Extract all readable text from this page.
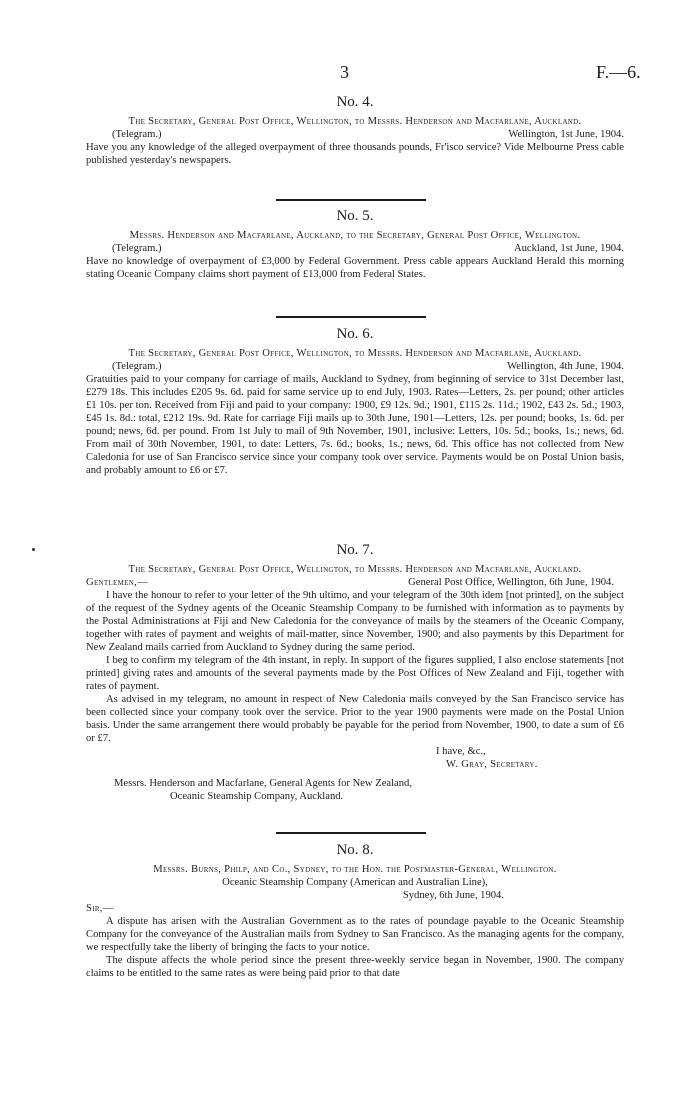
3	F.—6.

No. 4.

The Secretary, General Post Office, Wellington, to Messrs. Henderson and Macfarlane, Auckland.

(Telegram.)	Wellington, 1st June, 1904.

Have you any knowledge of the alleged overpayment of three thousands pounds, Fr'isco service? Vide Melbourne Press cable published yesterday's newspapers.

No. 5.

Messrs. Henderson and Macfarlane, Auckland, to the Secretary, General Post Office, Wellington.

(Telegram.)	Auckland, 1st June, 1904.

Have no knowledge of overpayment of £3,000 by Federal Government. Press cable appears Auckland Herald this morning stating Oceanic Company claims short payment of £13,000 from Federal States.

No. 6.

The Secretary, General Post Office, Wellington, to Messrs. Henderson and Macfarlane, Auckland.

(Telegram.)	Wellington, 4th June, 1904.

Gratuities paid to your company for carriage of mails, Auckland to Sydney, from beginning of service to 31st December last, £279 18s. This includes £205 9s. 6d. paid for same service up to end July, 1903. Rates—Letters, 2s. per pound; other articles £1 10s. per ton. Received from Fiji and paid to your company: 1900, £9 12s. 9d.; 1901, £115 2s. 11d.; 1902, £43 2s. 5d.; 1903, £45 1s. 8d.: total, £212 19s. 9d. Rate for carriage Fiji mails up to 30th June, 1901—Letters, 12s. per pound; books, 1s. 6d. per pound; news, 6d. per pound. From 1st July to mail of 9th November, 1901, inclusive: Letters, 10s. 5d.; books, 1s.; news, 6d. From mail of 30th November, 1901, to date: Letters, 7s. 6d.; books, 1s.; news, 6d. This office has not collected from New Caledonia for use of San Francisco service since your company took over service. Payments would be on Postal Union basis, and probably amount to £6 or £7.

No. 7.

The Secretary, General Post Office, Wellington, to Messrs. Henderson and Macfarlane, Auckland.

Gentlemen,—	General Post Office, Wellington, 6th June, 1904.

I have the honour to refer to your letter of the 9th ultimo, and your telegram of the 30th idem [not printed], on the subject of the request of the Sydney agents of the Oceanic Steamship Company to be furnished with information as to payments by the Postal Administrations at Fiji and New Caledonia for the conveyance of mails by the steamers of the Oceanic Company, together with rates of payment and weights of mail-matter, since November, 1900; and also payments by this Department for New Zealand mails carried from Auckland to Sydney during the same period.

I beg to confirm my telegram of the 4th instant, in reply. In support of the figures supplied, I also enclose statements [not printed] giving rates and amounts of the several payments made by the Post Offices of New Zealand and Fiji, together with rates of payment.

As advised in my telegram, no amount in respect of New Caledonia mails conveyed by the San Francisco service has been collected since your company took over the service. Prior to the year 1900 payments were made on the Postal Union basis. Under the same arrangement there would probably be payable for the period from November, 1900, to date a sum of £6 or £7.

I have, &c.,

W. Gray, Secretary.

Messrs. Henderson and Macfarlane, General Agents for New Zealand,

Oceanic Steamship Company, Auckland.

No. 8.

Messrs. Burns, Philp, and Co., Sydney, to the Hon. the Postmaster-General, Wellington.

Oceanic Steamship Company (American and Australian Line),

Sydney, 6th June, 1904.

Sir,—

A dispute has arisen with the Australian Government as to the rates of poundage payable to the Oceanic Steamship Company for the conveyance of the Australian mails from Sydney to San Francisco. As the managing agents for the company, we respectfully take the liberty of bringing the facts to your notice.

The dispute affects the whole period since the present three-weekly service began in November, 1900. The company claims to be entitled to the same rates as were being paid prior to that date
